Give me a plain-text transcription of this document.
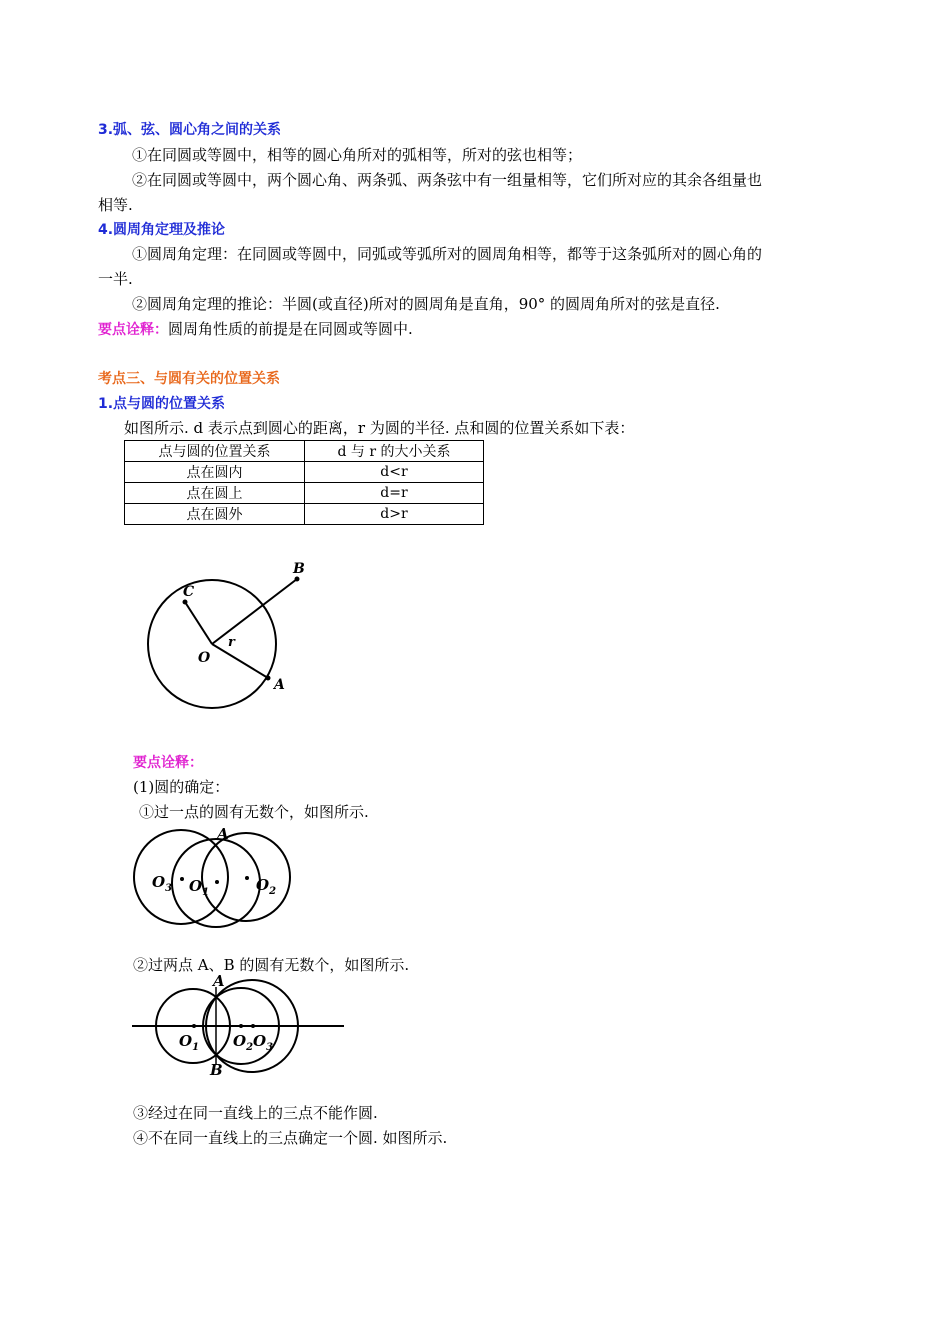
3.弧、弦、圆心角之间的关系
①在同圆或等圆中，相等的圆心角所对的弧相等，所对的弦也相等；
②在同圆或等圆中，两个圆心角、两条弧、两条弦中有一组量相等，它们所对应的其余各组量也
相等.
4.圆周角定理及推论
①圆周角定理：在同圆或等圆中，同弧或等弧所对的圆周角相等，都等于这条弧所对的圆心角的
一半.
②圆周角定理的推论：半圆(或直径)所对的圆周角是直角，90° 的圆周角所对的弦是直径.
要点诠释：圆周角性质的前提是在同圆或等圆中.
考点三、与圆有关的位置关系
1.点与圆的位置关系
如图所示. d 表示点到圆心的距离，r 为圆的半径. 点和圆的位置关系如下表：
点与圆的位置关系	d 与 r 的大小关系
点在圆内	d<r
点在圆上	d=r
点在圆外	d>r
B
C
O
r
A
要点诠释：
(1)圆的确定：
①过一点的圆有无数个，如图所示.
A
$O_3$ $O_1$	$O_2$
②过两点 A、B 的圆有无数个，如图所示.
A
B
$O_1$ $O_2$ $O_3$
③经过在同一直线上的三点不能作圆.
④不在同一直线上的三点确定一个圆. 如图所示.
